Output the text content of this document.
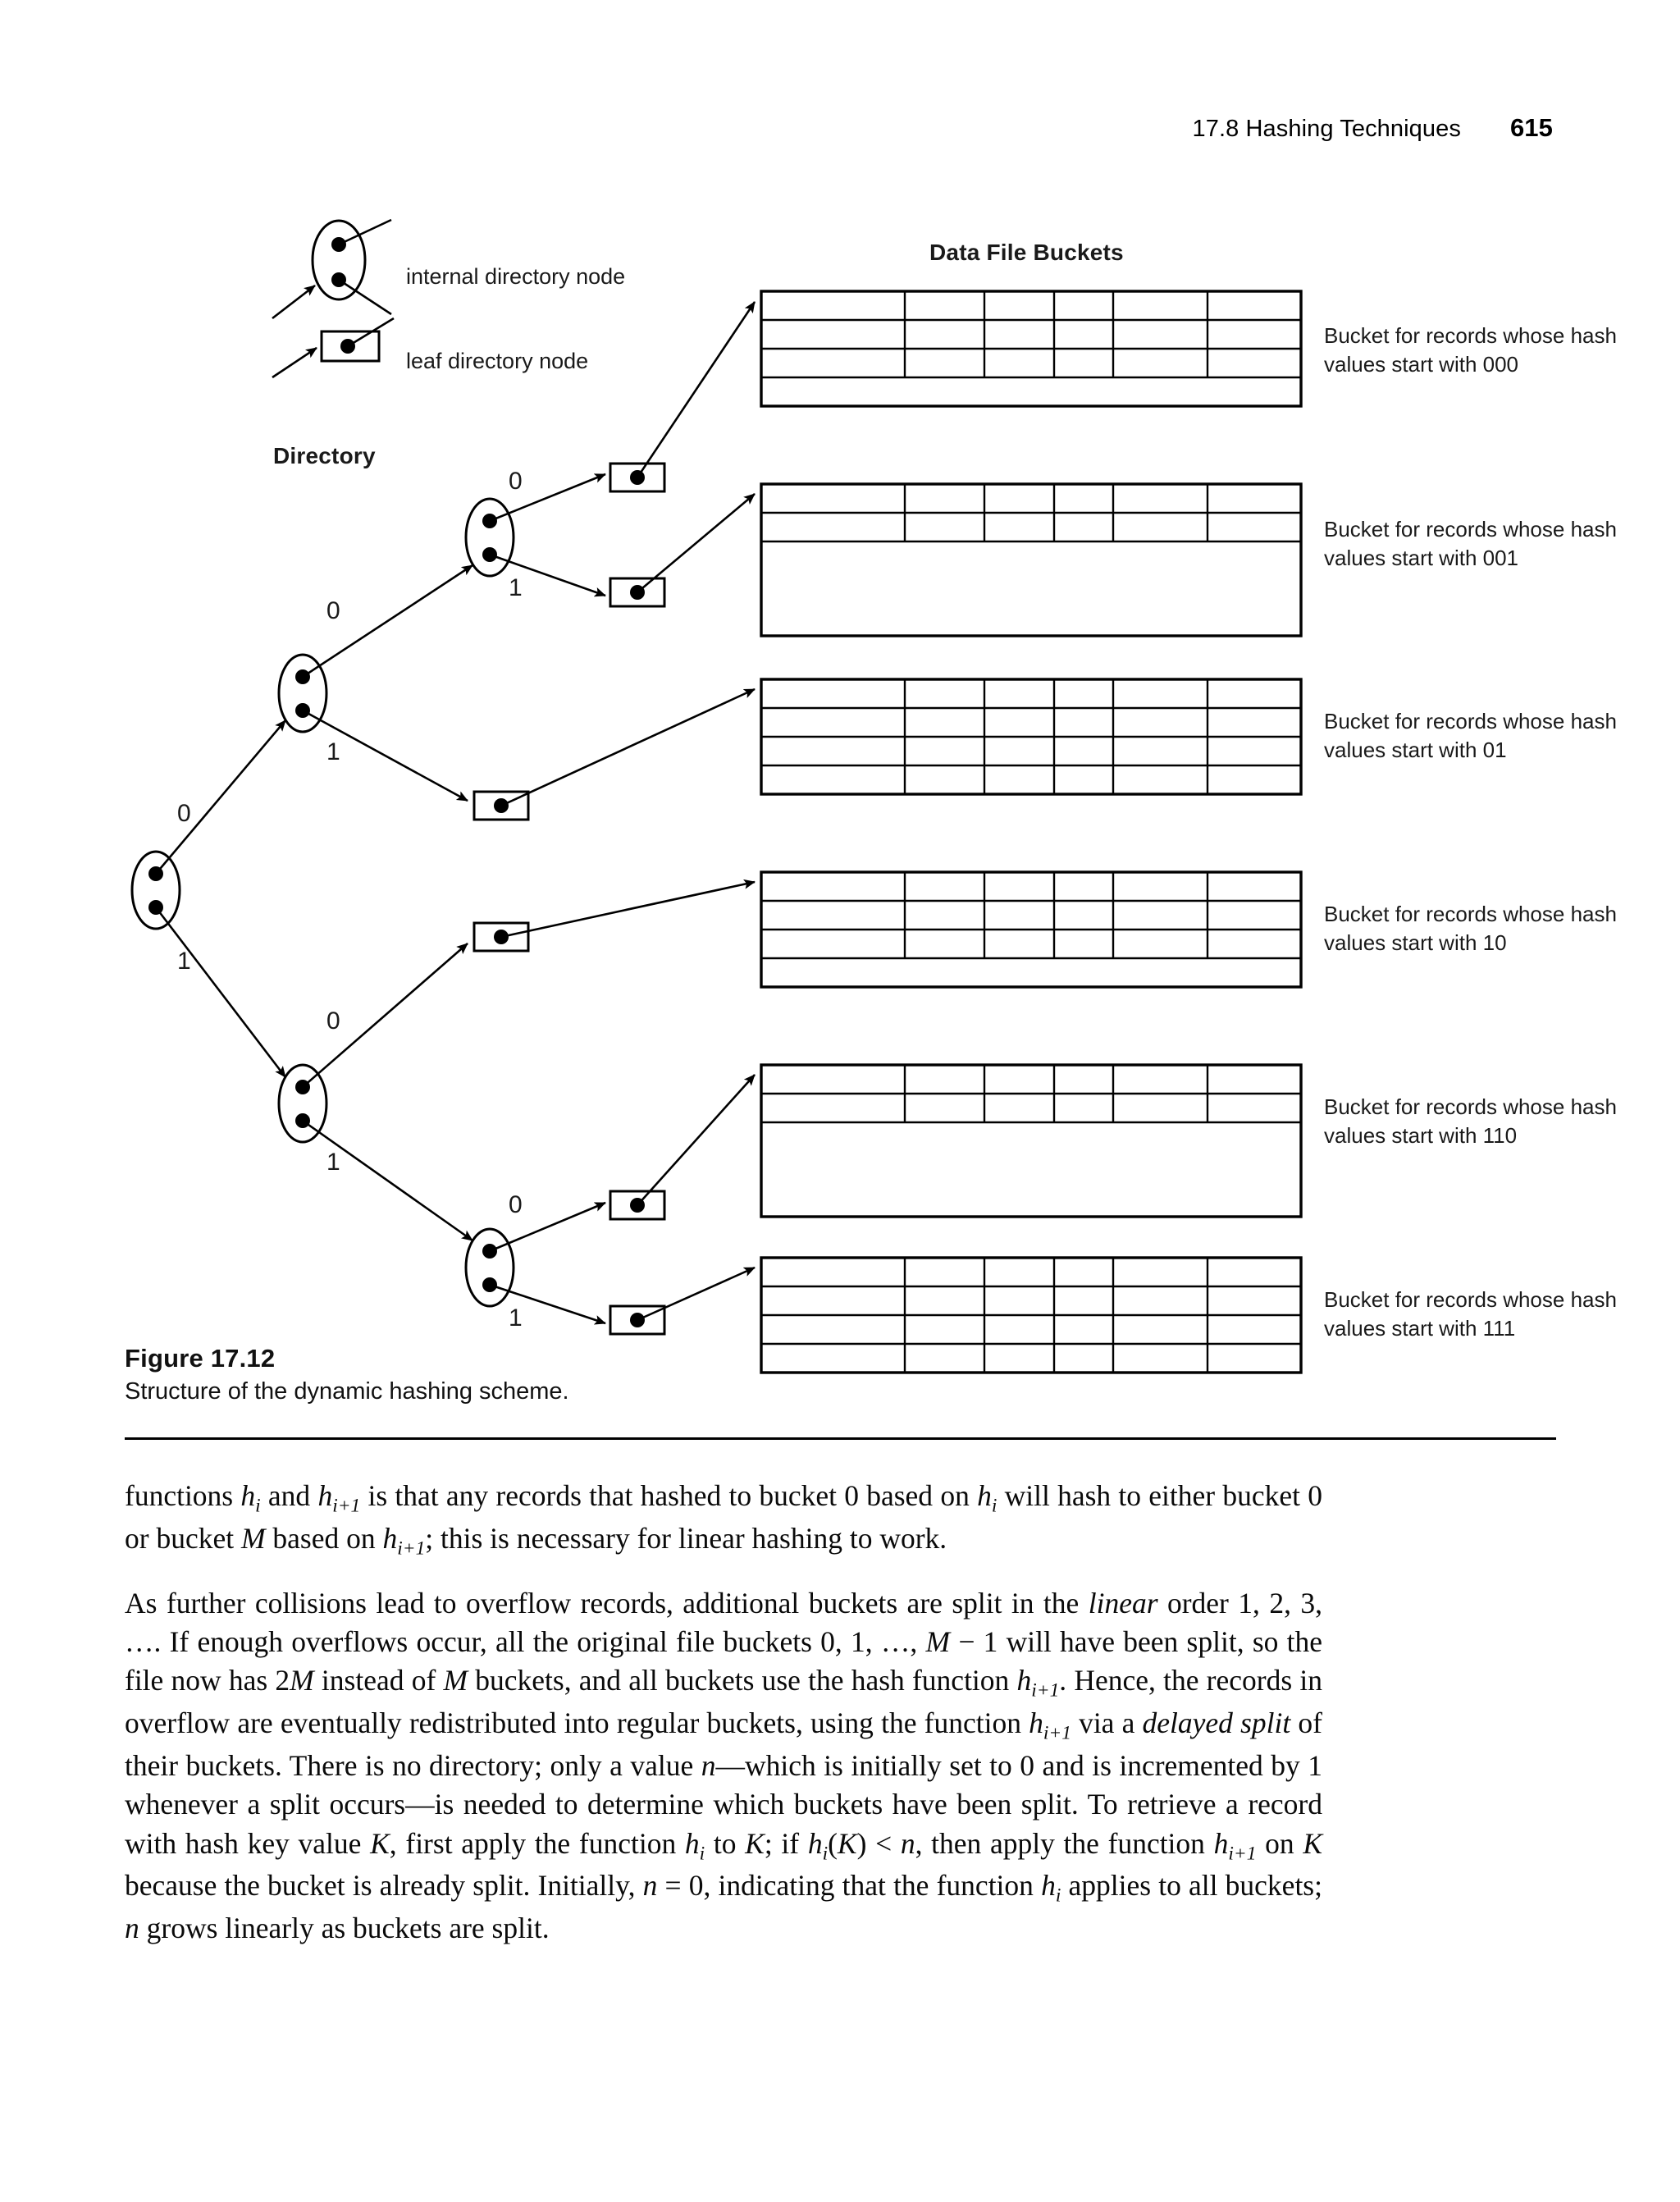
17.8 Hashing Techniques 615
internal directory node
leaf directory node
Directory
Data File Buckets
0
1
0
1
0
1
0
1
0
1
Bucket for records whose hash values start with 000
Bucket for records whose hash values start with 001
Bucket for records whose hash values start with 01
Bucket for records whose hash values start with 10
Bucket for records whose hash values start with 110
Bucket for records whose hash values start with 111
Figure 17.12
Structure of the dynamic hashing scheme.

functions $h_i$ and $h_{i+1}$ is that any records that hashed to bucket 0 based on $h_i$ will hash to either bucket 0 or bucket M based on $h_{i+1}$; this is necessary for linear hashing to work.

As further collisions lead to overflow records, additional buckets are split in the linear order 1, 2, 3, …. If enough overflows occur, all the original file buckets 0, 1, …, M − 1 will have been split, so the file now has 2M instead of M buckets, and all buckets use the hash function $h_{i+1}$. Hence, the records in overflow are eventually redistributed into regular buckets, using the function $h_{i+1}$ via a delayed split of their buckets. There is no directory; only a value n—which is initially set to 0 and is incremented by 1 whenever a split occurs—is needed to determine which buckets have been split. To retrieve a record with hash key value K, first apply the function $h_i$ to K; if $h_i(K) < n$, then apply the function $h_{i+1}$ on K because the bucket is already split. Initially, n = 0, indicating that the function $h_i$ applies to all buckets; n grows linearly as buckets are split.
